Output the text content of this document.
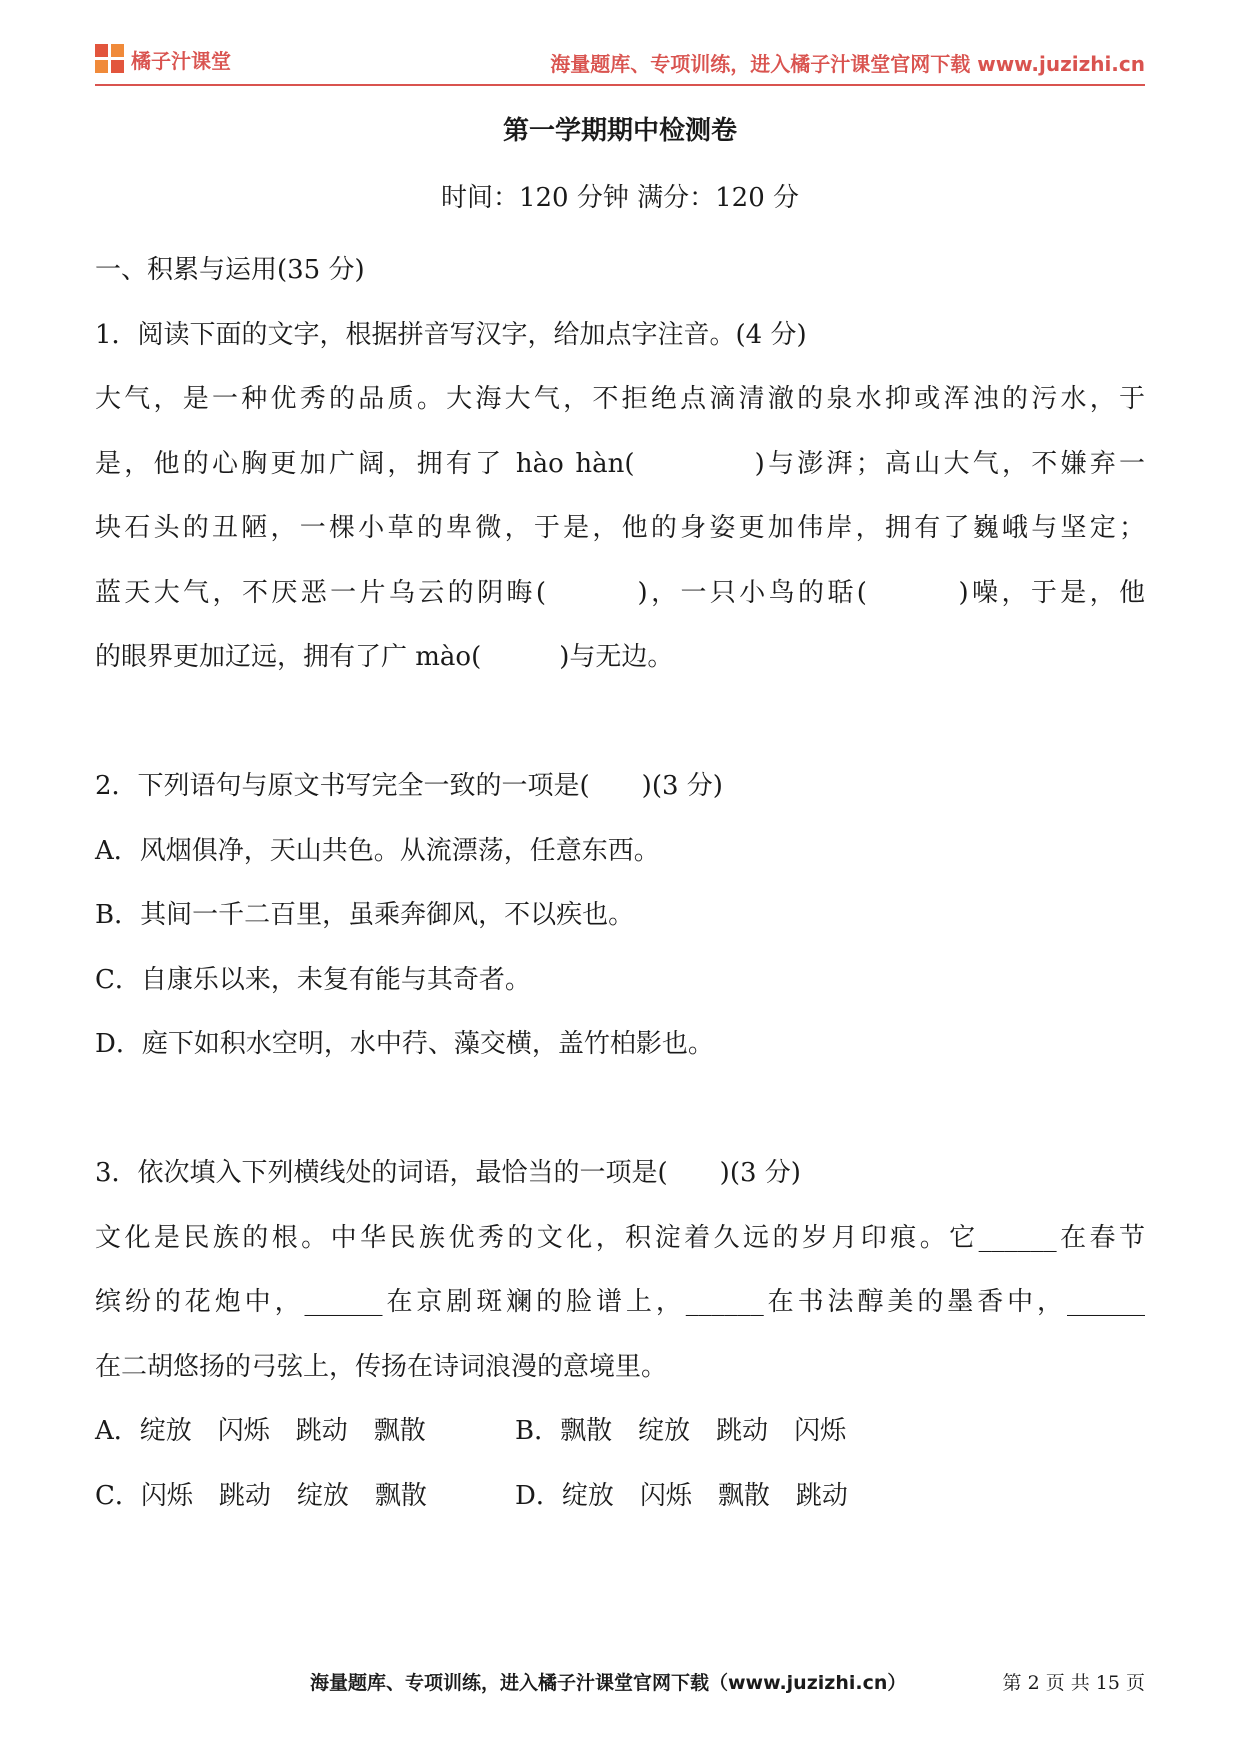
橘子汁课堂	海量题库、专项训练，进入橘子汁课堂官网下载 www.juzizhi.cn
第一学期期中检测卷
时间：120 分钟 满分：120 分
一、积累与运用(35 分)
1．阅读下面的文字，根据拼音写汉字，给加点字注音。(4 分)
大气，是一种优秀的品质。大海大气，不拒绝点滴清澈的泉水抑或浑浊的污水，于
是，他的心胸更加广阔，拥有了 hào hàn(　　　　)与澎湃；高山大气，不嫌弃一
块石头的丑陋，一棵小草的卑微，于是，他的身姿更加伟岸，拥有了巍峨与坚定；
蓝天大气，不厌恶一片乌云的阴晦(　　　)，一只小鸟的聒(　　　)噪，于是，他
的眼界更加辽远，拥有了广 mào(　　　)与无边。
2．下列语句与原文书写完全一致的一项是(　　)(3 分)
A．风烟俱净，天山共色。从流漂荡，任意东西。
B．其间一千二百里，虽乘奔御风，不以疾也。
C．自康乐以来，未复有能与其奇者。
D．庭下如积水空明，水中荇、藻交横，盖竹柏影也。
3．依次填入下列横线处的词语，最恰当的一项是(　　)(3 分)
文化是民族的根。中华民族优秀的文化，积淀着久远的岁月印痕。它______在春节
缤纷的花炮中，______在京剧斑斓的脸谱上，______在书法醇美的墨香中，______
在二胡悠扬的弓弦上，传扬在诗词浪漫的意境里。
A．绽放　闪烁　跳动　飘散	B．飘散　绽放　跳动　闪烁
C．闪烁　跳动　绽放　飘散	D．绽放　闪烁　飘散　跳动
海量题库、专项训练，进入橘子汁课堂官网下载（www.juzizhi.cn）	第 2 页 共 15 页
